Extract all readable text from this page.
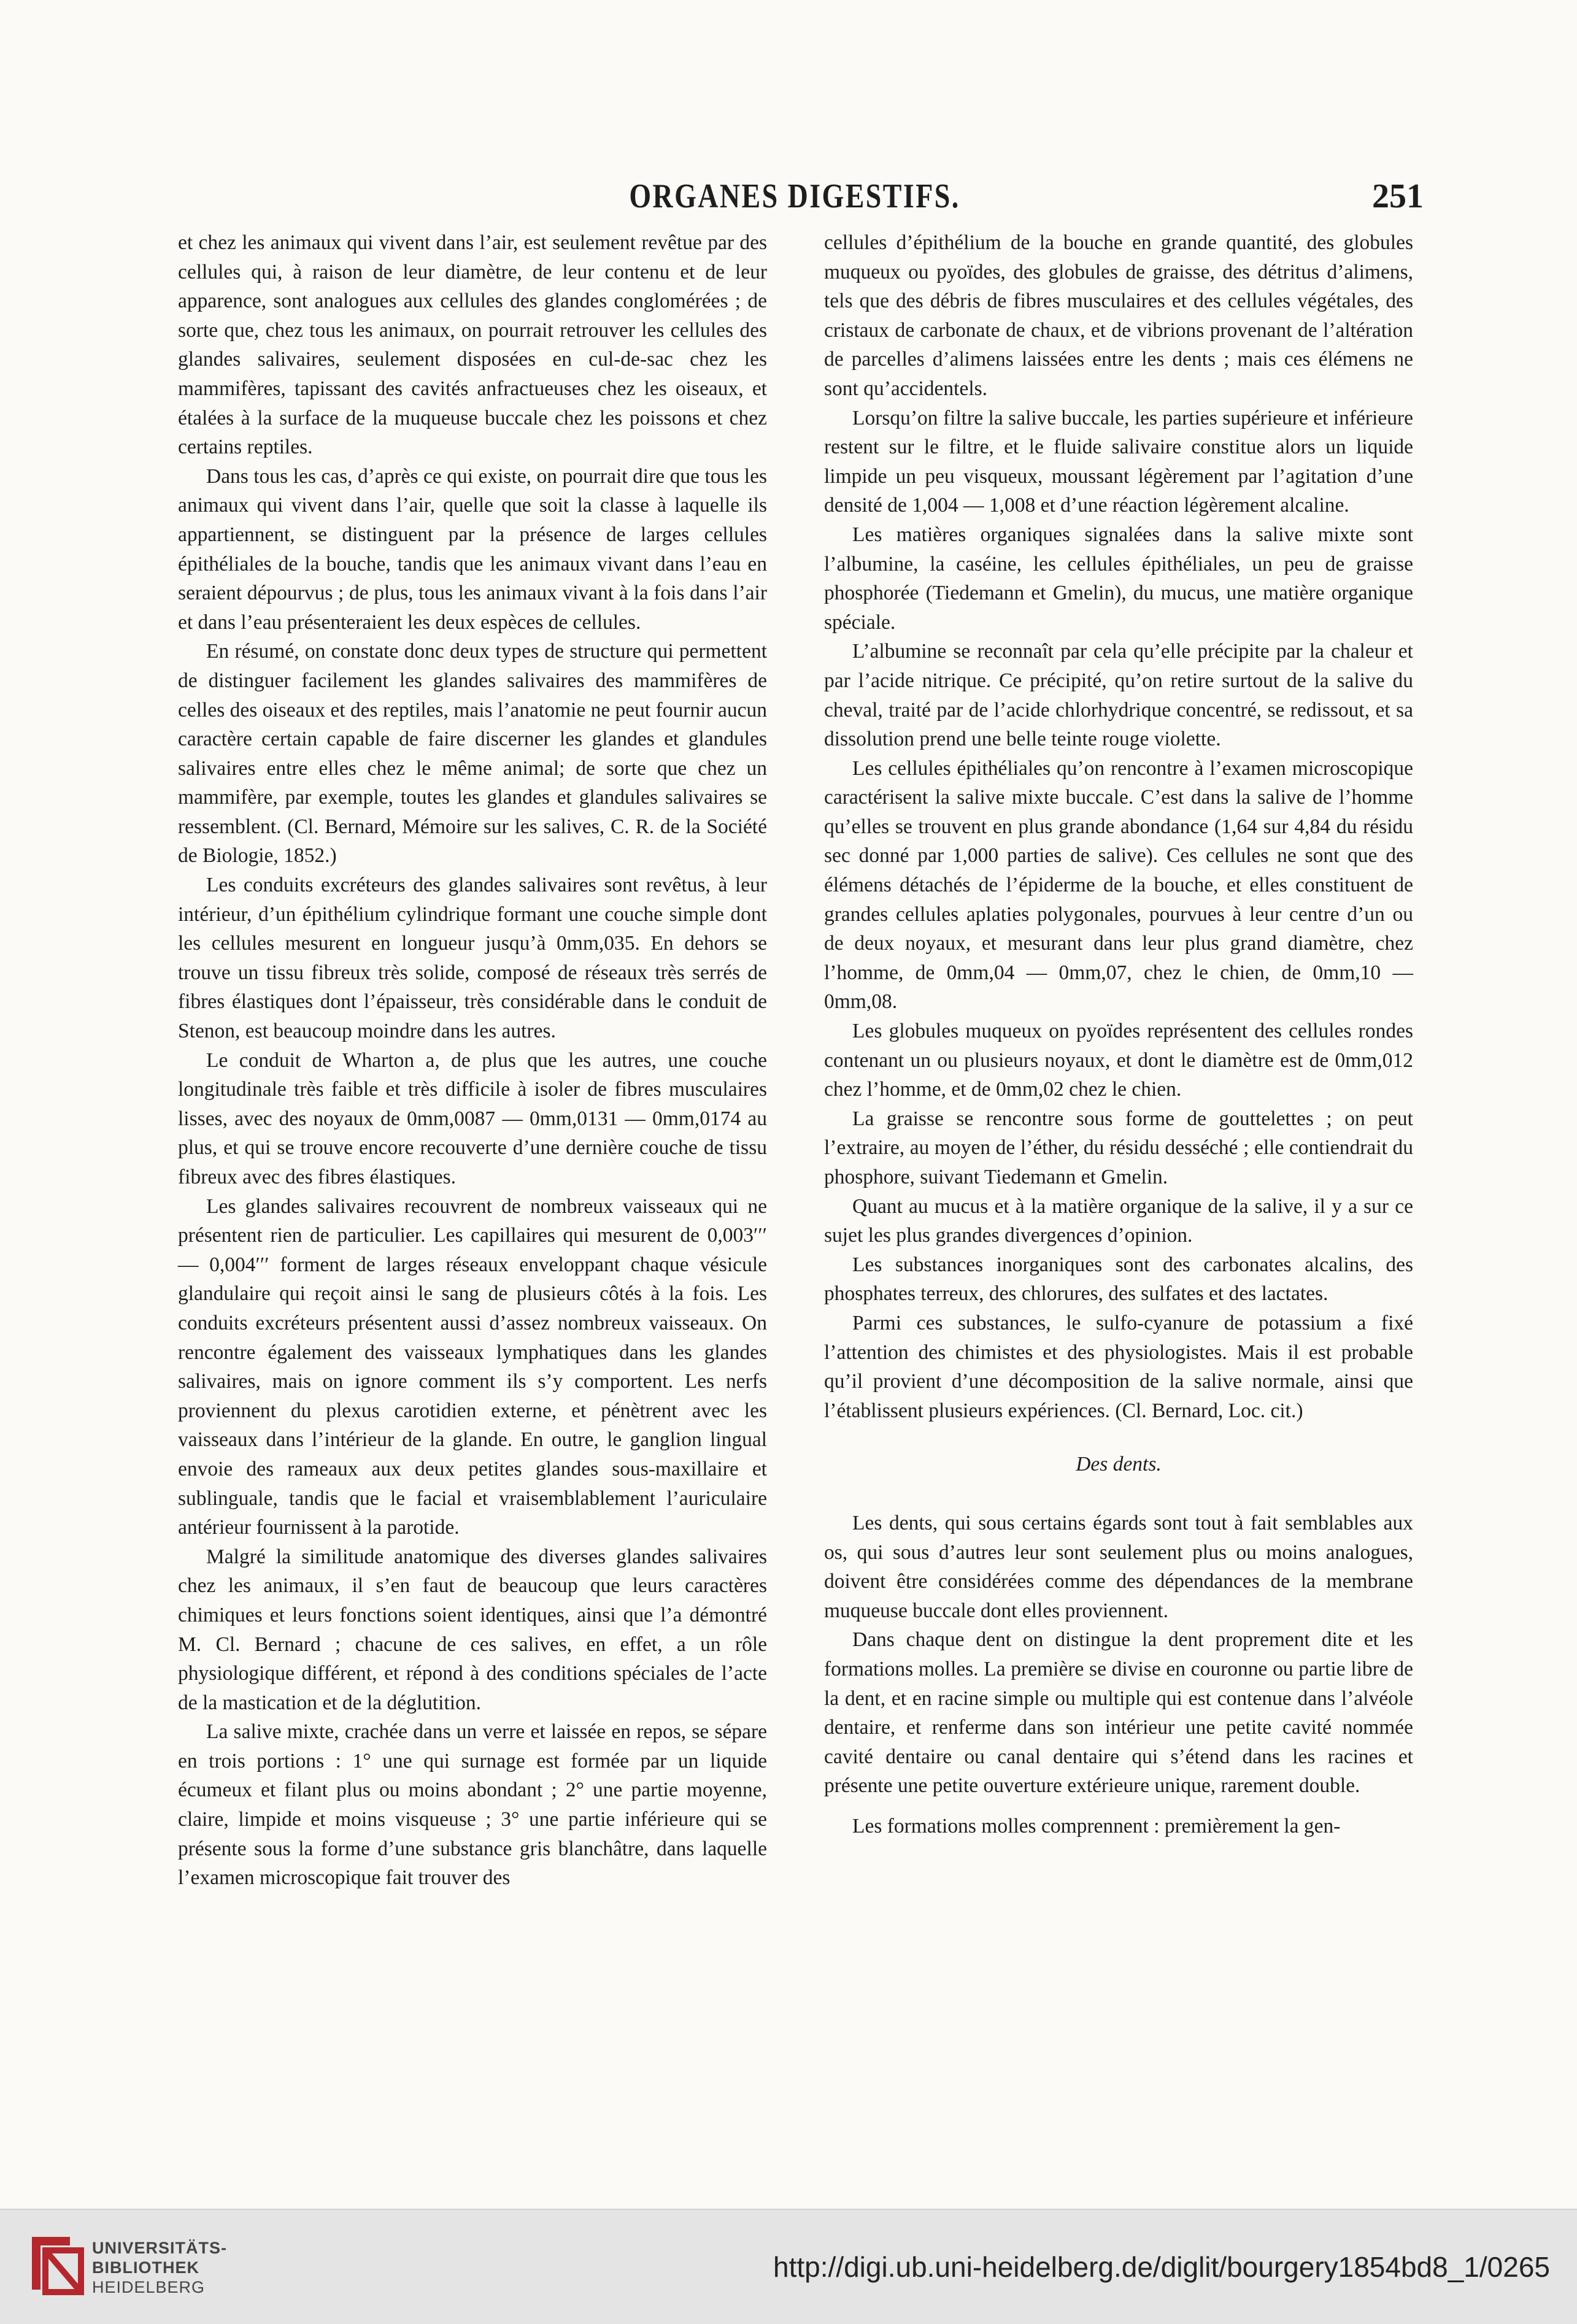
ORGANES DIGESTIFS.	251

et chez les animaux qui vivent dans l’air, est seulement revêtue par des cellules qui, à raison de leur diamètre, de leur contenu et de leur apparence, sont analogues aux cellules des glandes conglomérées ; de sorte que, chez tous les animaux, on pourrait retrouver les cellules des glandes salivaires, seulement disposées en cul-de-sac chez les mammifères, tapissant des cavités anfractueuses chez les oiseaux, et étalées à la surface de la muqueuse buccale chez les poissons et chez certains reptiles.

Dans tous les cas, d’après ce qui existe, on pourrait dire que tous les animaux qui vivent dans l’air, quelle que soit la classe à laquelle ils appartiennent, se distinguent par la présence de larges cellules épithéliales de la bouche, tandis que les animaux vivant dans l’eau en seraient dépourvus ; de plus, tous les animaux vivant à la fois dans l’air et dans l’eau présenteraient les deux espèces de cellules.

En résumé, on constate donc deux types de structure qui permettent de distinguer facilement les glandes salivaires des mammifères de celles des oiseaux et des reptiles, mais l’anatomie ne peut fournir aucun caractère certain capable de faire discerner les glandes et glandules salivaires entre elles chez le même animal; de sorte que chez un mammifère, par exemple, toutes les glandes et glandules salivaires se ressemblent. (Cl. Bernard, Mémoire sur les salives, C. R. de la Société de Biologie, 1852.)

Les conduits excréteurs des glandes salivaires sont revêtus, à leur intérieur, d’un épithélium cylindrique formant une couche simple dont les cellules mesurent en longueur jusqu’à 0mm,035. En dehors se trouve un tissu fibreux très solide, composé de réseaux très serrés de fibres élastiques dont l’épaisseur, très considérable dans le conduit de Stenon, est beaucoup moindre dans les autres.

Le conduit de Wharton a, de plus que les autres, une couche longitudinale très faible et très difficile à isoler de fibres musculaires lisses, avec des noyaux de 0mm,0087 — 0mm,0131 — 0mm,0174 au plus, et qui se trouve encore recouverte d’une dernière couche de tissu fibreux avec des fibres élastiques.

Les glandes salivaires recouvrent de nombreux vaisseaux qui ne présentent rien de particulier. Les capillaires qui mesurent de 0,003′′′ — 0,004′′′ forment de larges réseaux enveloppant chaque vésicule glandulaire qui reçoit ainsi le sang de plusieurs côtés à la fois. Les conduits excréteurs présentent aussi d’assez nombreux vaisseaux. On rencontre également des vaisseaux lymphatiques dans les glandes salivaires, mais on ignore comment ils s’y comportent. Les nerfs proviennent du plexus carotidien externe, et pénètrent avec les vaisseaux dans l’intérieur de la glande. En outre, le ganglion lingual envoie des rameaux aux deux petites glandes sous-maxillaire et sublinguale, tandis que le facial et vraisemblablement l’auriculaire antérieur fournissent à la parotide.

Malgré la similitude anatomique des diverses glandes salivaires chez les animaux, il s’en faut de beaucoup que leurs caractères chimiques et leurs fonctions soient identiques, ainsi que l’a démontré M. Cl. Bernard ; chacune de ces salives, en effet, a un rôle physiologique différent, et répond à des conditions spéciales de l’acte de la mastication et de la déglutition.

La salive mixte, crachée dans un verre et laissée en repos, se sépare en trois portions : 1° une qui surnage est formée par un liquide écumeux et filant plus ou moins abondant ; 2° une partie moyenne, claire, limpide et moins visqueuse ; 3° une partie inférieure qui se présente sous la forme d’une substance gris blanchâtre, dans laquelle l’examen microscopique fait trouver des

cellules d’épithélium de la bouche en grande quantité, des globules muqueux ou pyoïdes, des globules de graisse, des détritus d’alimens, tels que des débris de fibres musculaires et des cellules végétales, des cristaux de carbonate de chaux, et de vibrions provenant de l’altération de parcelles d’alimens laissées entre les dents ; mais ces élémens ne sont qu’accidentels.

Lorsqu’on filtre la salive buccale, les parties supérieure et inférieure restent sur le filtre, et le fluide salivaire constitue alors un liquide limpide un peu visqueux, moussant légèrement par l’agitation d’une densité de 1,004 — 1,008 et d’une réaction légèrement alcaline.

Les matières organiques signalées dans la salive mixte sont l’albumine, la caséine, les cellules épithéliales, un peu de graisse phosphorée (Tiedemann et Gmelin), du mucus, une matière organique spéciale.

L’albumine se reconnaît par cela qu’elle précipite par la chaleur et par l’acide nitrique. Ce précipité, qu’on retire surtout de la salive du cheval, traité par de l’acide chlorhydrique concentré, se redissout, et sa dissolution prend une belle teinte rouge violette.

Les cellules épithéliales qu’on rencontre à l’examen microscopique caractérisent la salive mixte buccale. C’est dans la salive de l’homme qu’elles se trouvent en plus grande abondance (1,64 sur 4,84 du résidu sec donné par 1,000 parties de salive). Ces cellules ne sont que des élémens détachés de l’épiderme de la bouche, et elles constituent de grandes cellules aplaties polygonales, pourvues à leur centre d’un ou de deux noyaux, et mesurant dans leur plus grand diamètre, chez l’homme, de 0mm,04 — 0mm,07, chez le chien, de 0mm,10 — 0mm,08.

Les globules muqueux on pyoïdes représentent des cellules rondes contenant un ou plusieurs noyaux, et dont le diamètre est de 0mm,012 chez l’homme, et de 0mm,02 chez le chien.

La graisse se rencontre sous forme de gouttelettes ; on peut l’extraire, au moyen de l’éther, du résidu desséché ; elle contiendrait du phosphore, suivant Tiedemann et Gmelin.

Quant au mucus et à la matière organique de la salive, il y a sur ce sujet les plus grandes divergences d’opinion.

Les substances inorganiques sont des carbonates alcalins, des phosphates terreux, des chlorures, des sulfates et des lactates.

Parmi ces substances, le sulfo-cyanure de potassium a fixé l’attention des chimistes et des physiologistes. Mais il est probable qu’il provient d’une décomposition de la salive normale, ainsi que l’établissent plusieurs expériences. (Cl. Bernard, Loc. cit.)

Des dents.

Les dents, qui sous certains égards sont tout à fait semblables aux os, qui sous d’autres leur sont seulement plus ou moins analogues, doivent être considérées comme des dépendances de la membrane muqueuse buccale dont elles proviennent.

Dans chaque dent on distingue la dent proprement dite et les formations molles. La première se divise en couronne ou partie libre de la dent, et en racine simple ou multiple qui est contenue dans l’alvéole dentaire, et renferme dans son intérieur une petite cavité nommée cavité dentaire ou canal dentaire qui s’étend dans les racines et présente une petite ouverture extérieure unique, rarement double.

Les formations molles comprennent : premièrement la gen-

UNIVERSITÄTS-
BIBLIOTHEK
HEIDELBERG
http://digi.ub.uni-heidelberg.de/diglit/bourgery1854bd8_1/0265
